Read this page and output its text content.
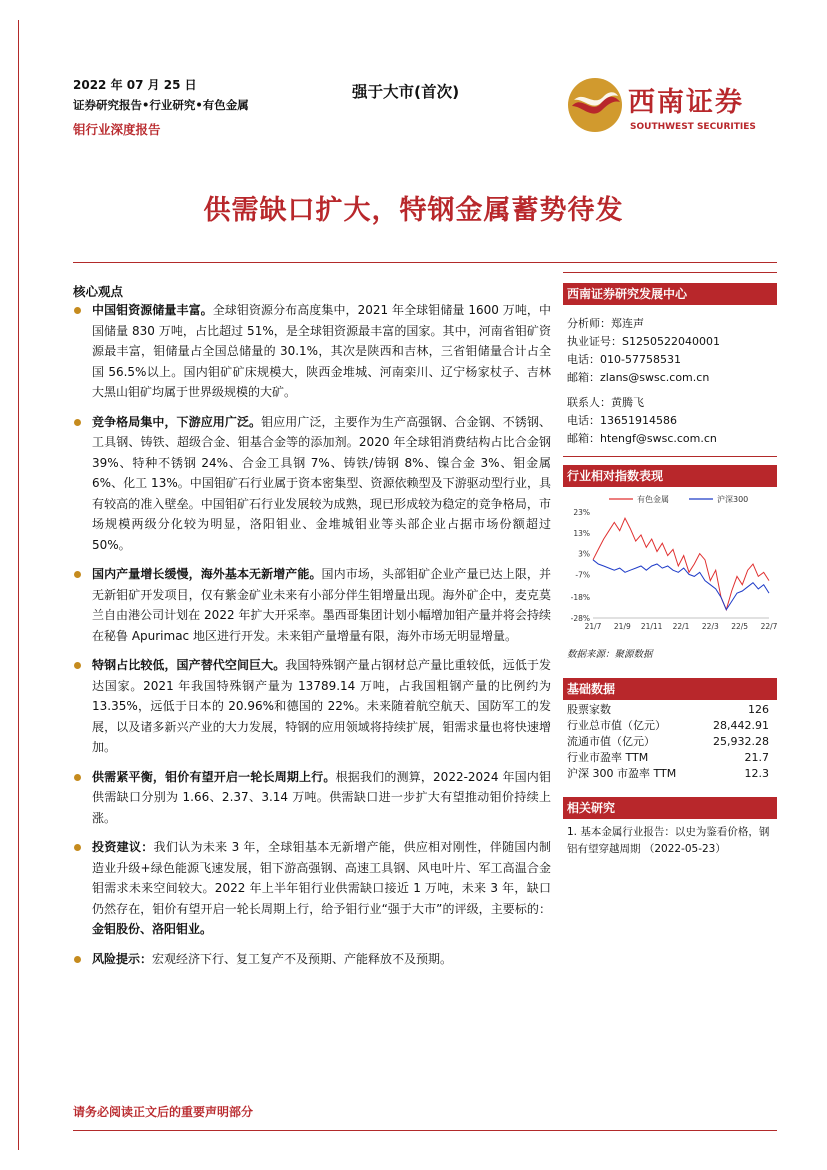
2022 年 07 月 25 日
证券研究报告•行业研究•有色金属
钼行业深度报告
强于大市(首次)	西南证券
SOUTHWEST SECURITIES
供需缺口扩大，特钢金属蓄势待发
核心观点
中国钼资源储量丰富。全球钼资源分布高度集中，2021 年全球钼储量 1600 万吨，中国储量 830 万吨，占比超过 51%，是全球钼资源最丰富的国家。其中，河南省钼矿资源最丰富，钼储量占全国总储量的 30.1%，其次是陕西和吉林，三省钼储量合计占全国 56.5%以上。国内钼矿矿床规模大，陕西金堆城、河南栾川、辽宁杨家杖子、吉林大黑山钼矿均属于世界级规模的大矿。
竞争格局集中，下游应用广泛。钼应用广泛，主要作为生产高强钢、合金钢、不锈钢、工具钢、铸铁、超级合金、钼基合金等的添加剂。2020 年全球钼消费结构占比合金钢 39%、特种不锈钢 24%、合金工具钢 7%、铸铁/铸钢 8%、镍合金 3%、钼金属 6%、化工 13%。中国钼矿石行业属于资本密集型、资源依赖型及下游驱动型行业，具有较高的准入壁垒。中国钼矿石行业发展较为成熟，现已形成较为稳定的竞争格局，市场规模两级分化较为明显，洛阳钼业、金堆城钼业等头部企业占据市场份额超过 50%。
国内产量增长缓慢，海外基本无新增产能。国内市场，头部钼矿企业产量已达上限，并无新钼矿开发项目，仅有紫金矿业未来有小部分伴生钼增量出现。海外矿企中，麦克莫兰自由港公司计划在 2022 年扩大开采率。墨西哥集团计划小幅增加钼产量并将会持续在秘鲁 Apurimac 地区进行开发。未来钼产量增量有限，海外市场无明显增量。
特钢占比较低，国产替代空间巨大。我国特殊钢产量占钢材总产量比重较低，远低于发达国家。2021 年我国特殊钢产量为 13789.14 万吨，占我国粗钢产量的比例约为 13.35%，远低于日本的 20.96%和德国的 22%。未来随着航空航天、国防军工的发展，以及诸多新兴产业的大力发展，特钢的应用领域将持续扩展，钼需求量也将快速增加。
供需紧平衡，钼价有望开启一轮长周期上行。根据我们的测算，2022-2024 年国内钼供需缺口分别为 1.66、2.37、3.14 万吨。供需缺口进一步扩大有望推动钼价持续上涨。
投资建议：我们认为未来 3 年，全球钼基本无新增产能，供应相对刚性，伴随国内制造业升级+绿色能源飞速发展，钼下游高强钢、高速工具钢、风电叶片、军工高温合金钼需求未来空间较大。2022 年上半年钼行业供需缺口接近 1 万吨，未来 3 年，缺口仍然存在，钼价有望开启一轮长周期上行，给予钼行业“强于大市”的评级，主要标的：金钼股份、洛阳钼业。
风险提示：宏观经济下行、复工复产不及预期、产能释放不及预期。
西南证券研究发展中心
分析师：郑连声
执业证号：S1250522040001
电话：010-57758531
邮箱：zlans@swsc.com.cn
联系人：黄腾飞
电话：13651914586
邮箱：htengf@swsc.com.cn
行业相对指数表现
有色金属	沪深300
23%
13%
3%
-7%
-18%
-28%
21/7 21/9 21/11 22/1 22/3 22/5 22/7
数据来源：聚源数据
基础数据
股票家数	126
行业总市值（亿元）	28,442.91
流通市值（亿元）	25,932.28
行业市盈率 TTM	21.7
沪深 300 市盈率 TTM	12.3
相关研究
1. 基本金属行业报告：以史为鉴看价格，钢铝有望穿越周期 （2022-05-23）
请务必阅读正文后的重要声明部分
